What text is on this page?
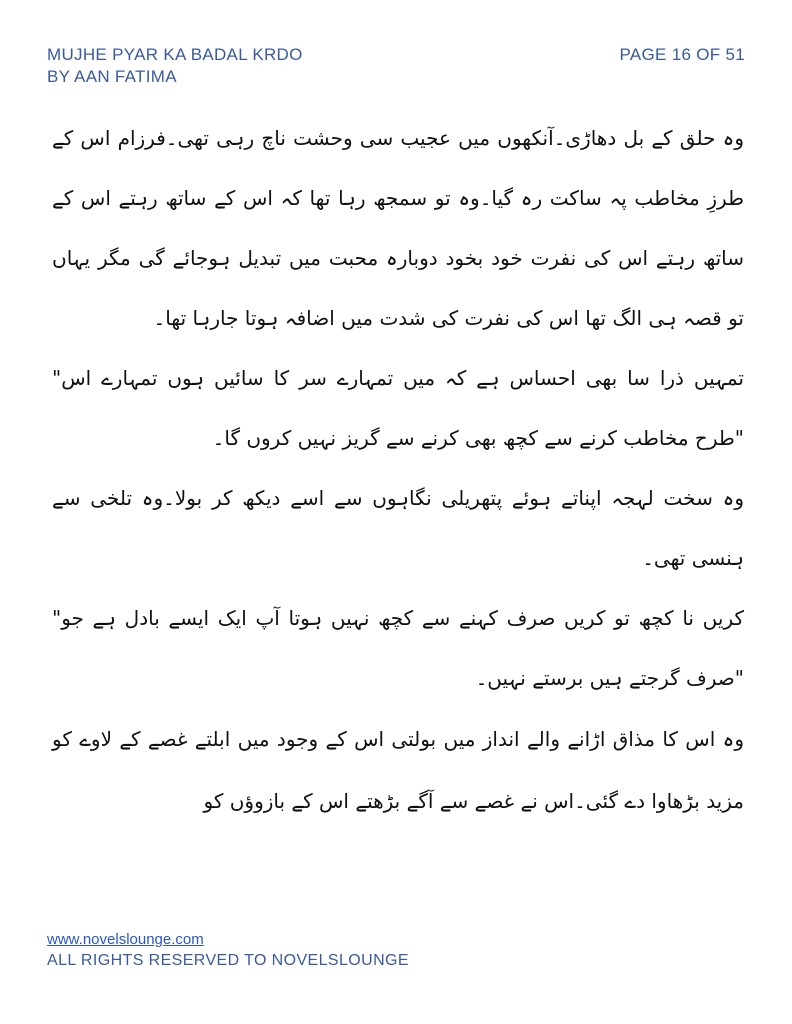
MUJHE PYAR KA BADAL KRDO	PAGE 16 OF 51
BY AAN FATIMA

وہ حلق کے بل دھاڑی۔آنکھوں میں عجیب سی وحشت ناچ رہی تھی۔فرزام اس کے طرزِ مخاطب پہ ساکت رہ گیا۔وہ تو سمجھ رہا تھا کہ اس کے ساتھ رہتے اس کے ساتھ رہتے اس کی نفرت خود بخود دوبارہ محبت میں تبدیل ہوجائے گی مگر یہاں تو قصہ ہی الگ تھا اس کی نفرت کی شدت میں اضافہ ہوتا جارہا تھا۔

تمہیں ذرا سا بھی احساس ہے کہ میں تمہارے سر کا سائیں ہوں تمہارے اس" "طرح مخاطب کرنے سے کچھ بھی کرنے سے گریز نہیں کروں گا۔

وہ سخت لہجہ اپناتے ہوئے پتھریلی نگاہوں سے اسے دیکھ کر بولا۔وہ تلخی سے ہنسی تھی۔

کریں نا کچھ تو کریں صرف کہنے سے کچھ نہیں ہوتا آپ ایک ایسے بادل ہے جو" "صرف گرجتے ہیں برستے نہیں۔

وہ اس کا مذاق اڑانے والے انداز میں بولتی اس کے وجود میں ابلتے غصے کے لاوے کو مزید بڑھاوا دے گئی۔اس نے غصے سے آگے بڑھتے اس کے بازوؤں کو

www.novelslounge.com
ALL RIGHTS RESERVED TO NOVELSLOUNGE
